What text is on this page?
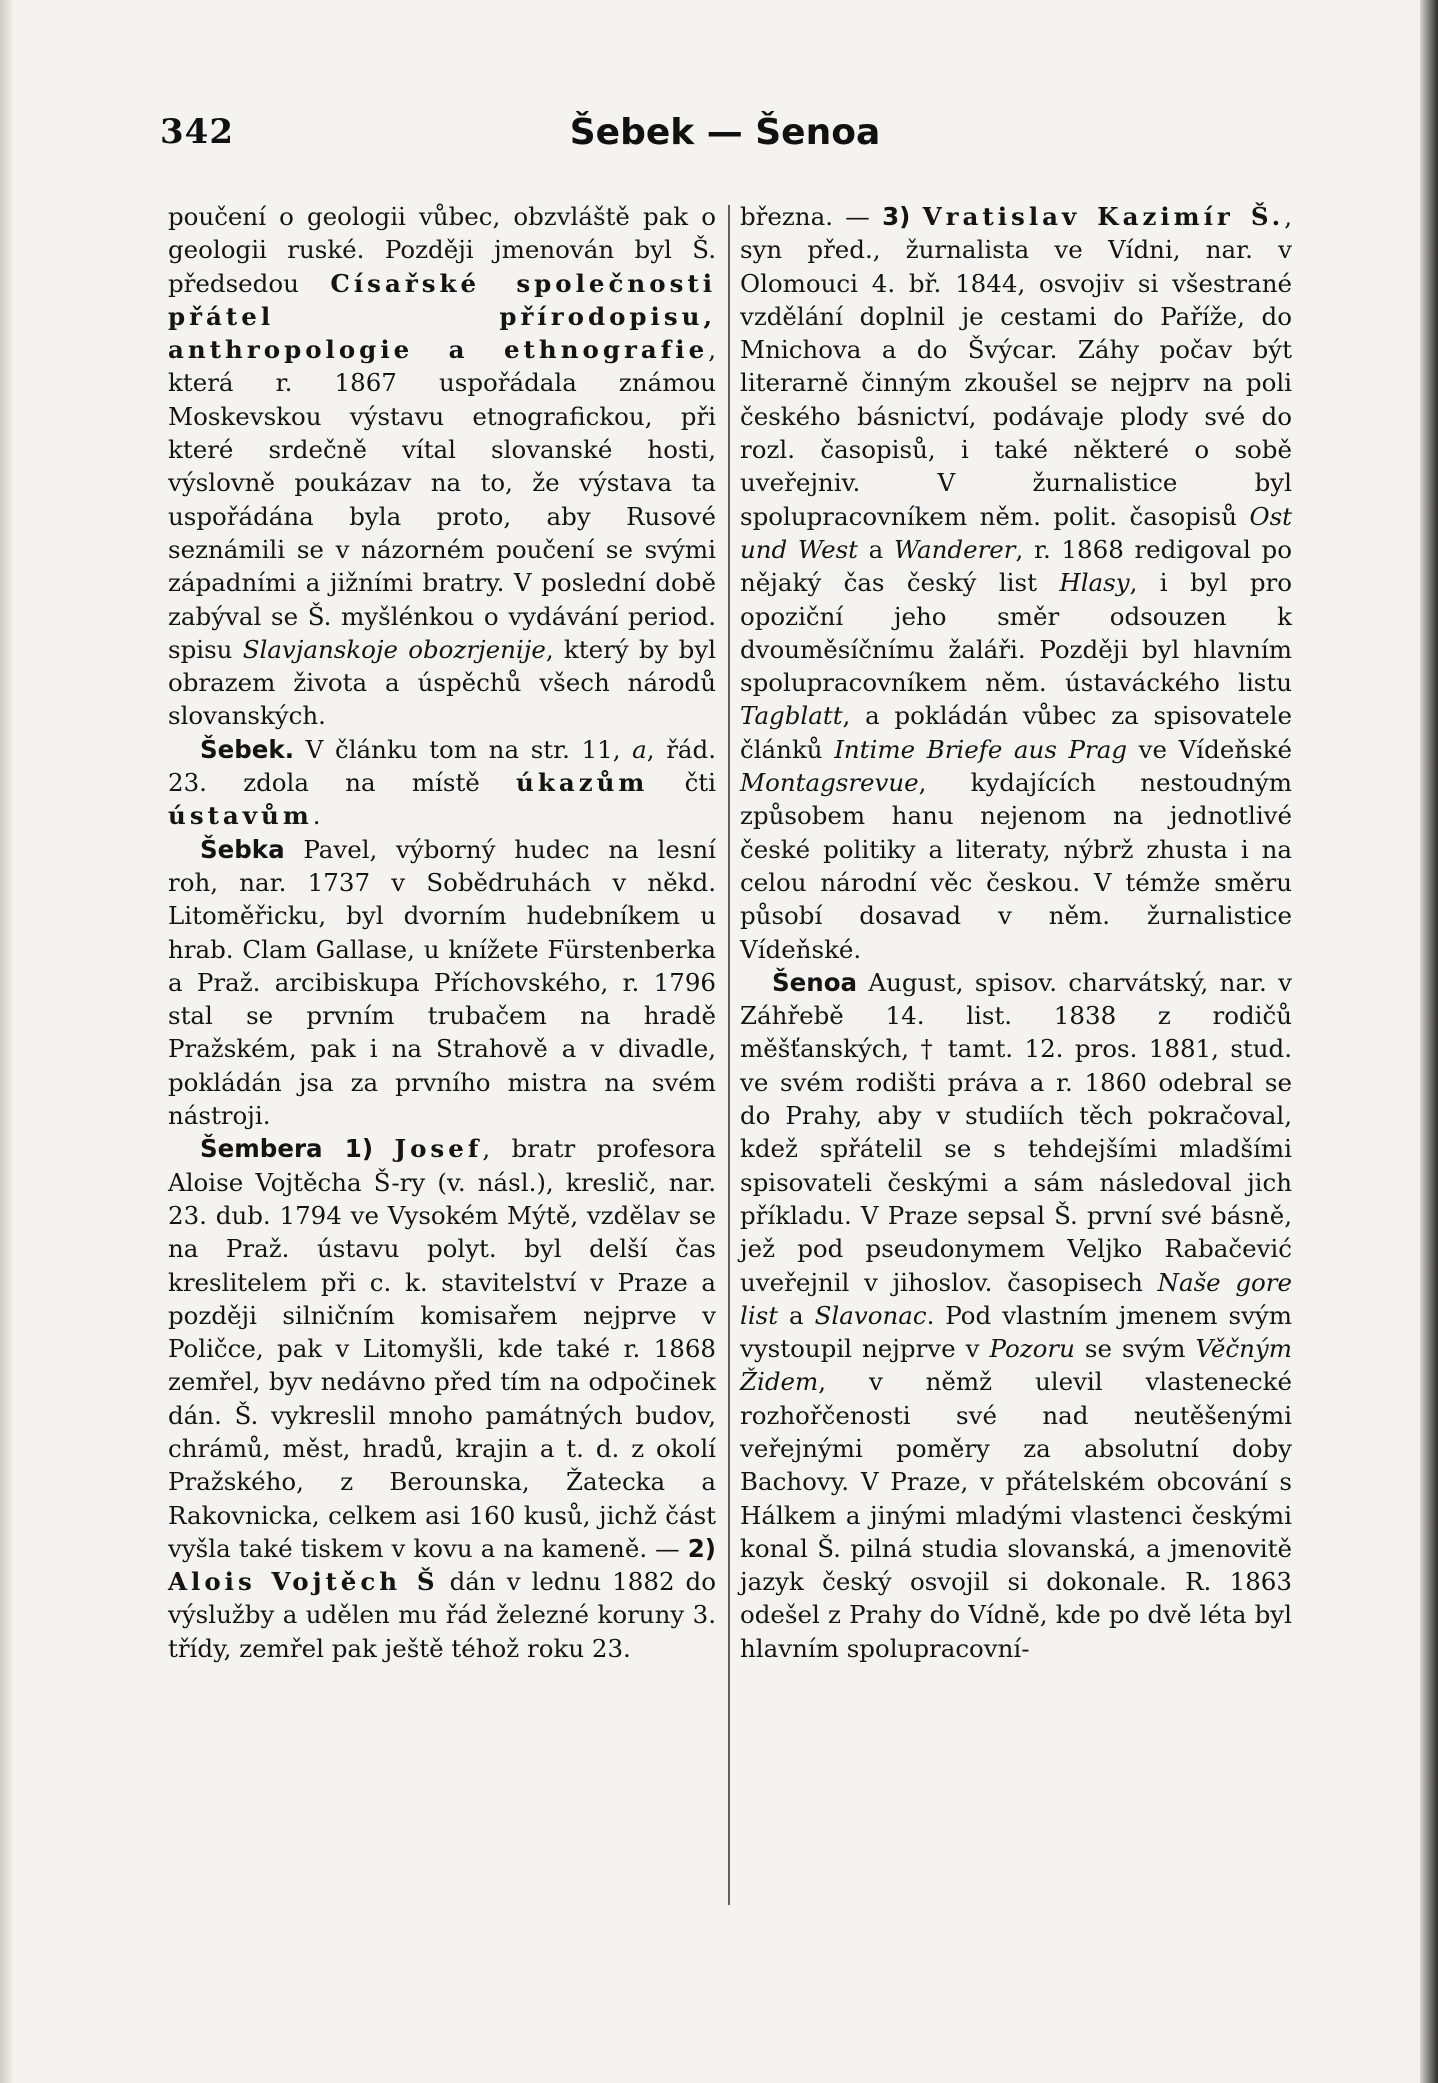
342	Šebek — Šenoa

poučení o geologii vůbec, obzvláště pak o geologii ruské. Později jmenován byl Š. předsedou Císařské společnosti přátel přírodopisu, anthropologie a ethnografie, která r. 1867 uspořádala známou Moskevskou výstavu etnografickou, při které srdečně vítal slovanské hosti, výslovně poukázav na to, že výstava ta uspořádána byla proto, aby Rusové seznámili se v názorném poučení se svými západními a jižními bratry. V poslední době zabýval se Š. myšlénkou o vydávání period. spisu Slavjanskoje obozrjenije, který by byl obrazem života a úspěchů všech národů slovanských.

Šebek. V článku tom na str. 11, a, řád. 23. zdola na místě úkazům čti ústavům.

Šebka Pavel, výborný hudec na lesní roh, nar. 1737 v Sobědruhách v někd. Litoměřicku, byl dvorním hudebníkem u hrab. Clam Gallase, u knížete Fürstenberka a Praž. arcibiskupa Příchovského, r. 1796 stal se prvním trubačem na hradě Pražském, pak i na Strahově a v divadle, pokládán jsa za prvního mistra na svém nástroji.

Šembera 1) Josef, bratr profesora Aloise Vojtěcha Š-ry (v. násl.), kreslič, nar. 23. dub. 1794 ve Vysokém Mýtě, vzdělav se na Praž. ústavu polyt. byl delší čas kreslitelem při c. k. stavitelství v Praze a později silničním komisařem nejprve v Poličce, pak v Litomyšli, kde také r. 1868 zemřel, byv nedávno před tím na odpočinek dán. Š. vykreslil mnoho památných budov, chrámů, měst, hradů, krajin a t. d. z okolí Pražského, z Berounska, Žatecka a Rakovnicka, celkem asi 160 kusů, jichž část vyšla také tiskem v kovu a na kameně. — 2) Alois Vojtěch Š dán v lednu 1882 do výslužby a udělen mu řád železné koruny 3. třídy, zemřel pak ještě téhož roku 23.

března. — 3) Vratislav Kazimír Š., syn před., žurnalista ve Vídni, nar. v Olomouci 4. bř. 1844, osvojiv si všestrané vzdělání doplnil je cestami do Paříže, do Mnichova a do Švýcar. Záhy počav být literarně činným zkoušel se nejprv na poli českého básnictví, podávaje plody své do rozl. časopisů, i také některé o sobě uveřejniv. V žurnalistice byl spolupracovníkem něm. polit. časopisů Ost und West a Wanderer, r. 1868 redigoval po nějaký čas český list Hlasy, i byl pro opoziční jeho směr odsouzen k dvouměsíčnímu žaláři. Později byl hlavním spolupracovníkem něm. ústaváckého listu Tagblatt, a pokládán vůbec za spisovatele článků Intime Briefe aus Prag ve Vídeňské Montagsrevue, kydajících nestoudným způsobem hanu nejenom na jednotlivé české politiky a literaty, nýbrž zhusta i na celou národní věc českou. V témže směru působí dosavad v něm. žurnalistice Vídeňské.

Šenoa August, spisov. charvátský, nar. v Záhřebě 14. list. 1838 z rodičů měšťanských, † tamt. 12. pros. 1881, stud. ve svém rodišti práva a r. 1860 odebral se do Prahy, aby v studiích těch pokračoval, kdež spřátelil se s tehdejšími mladšími spisovateli českými a sám následoval jich příkladu. V Praze sepsal Š. první své básně, jež pod pseudonymem Veljko Rabačević uveřejnil v jihoslov. časopisech Naše gore list a Slavonac. Pod vlastním jmenem svým vystoupil nejprve v Pozoru se svým Věčným Židem, v němž ulevil vlastenecké rozhořčenosti své nad neutěšenými veřejnými poměry za absolutní doby Bachovy. V Praze, v přátelském obcování s Hálkem a jinými mladými vlastenci českými konal Š. pilná studia slovanská, a jmenovitě jazyk český osvojil si dokonale. R. 1863 odešel z Prahy do Vídně, kde po dvě léta byl hlavním spolupracovní-
